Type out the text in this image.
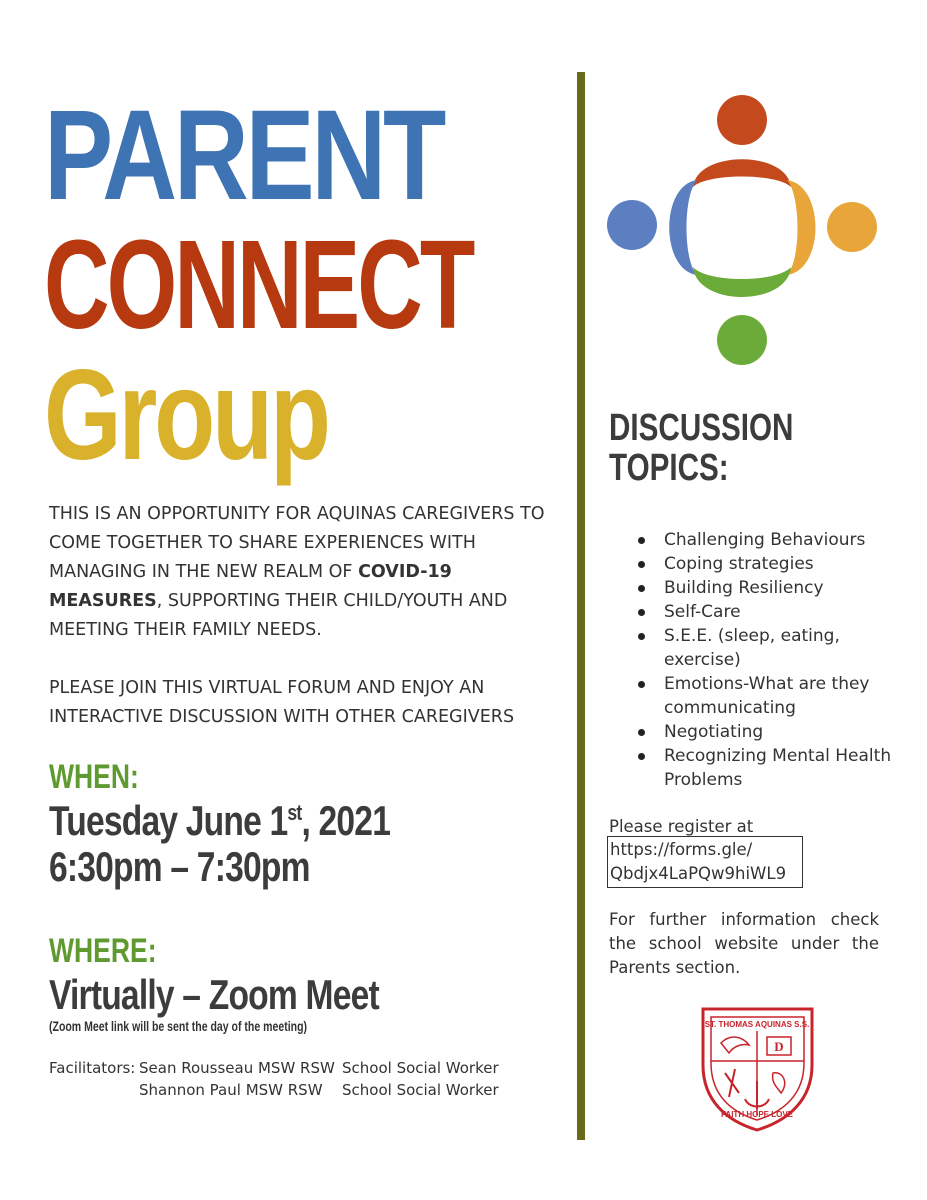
PARENT
CONNECT
Group
THIS IS AN OPPORTUNITY FOR AQUINAS CAREGIVERS TO COME TOGETHER TO SHARE EXPERIENCES WITH MANAGING IN THE NEW REALM OF COVID-19 MEASURES, SUPPORTING THEIR CHILD/YOUTH AND MEETING THEIR FAMILY NEEDS.
PLEASE JOIN THIS VIRTUAL FORUM AND ENJOY AN INTERACTIVE DISCUSSION WITH OTHER CAREGIVERS
WHEN:
Tuesday June 1st, 2021
6:30pm – 7:30pm
WHERE:
Virtually – Zoom Meet
(Zoom Meet link will be sent the day of the meeting)
Facilitators: Sean Rousseau MSW RSW School Social Worker
Shannon Paul MSW RSW School Social Worker
DISCUSSION
TOPICS:
Challenging Behaviours
Coping strategies
Building Resiliency
Self-Care
S.E.E. (sleep, eating, exercise)
Emotions-What are they communicating
Negotiating
Recognizing Mental Health Problems
Please register at
https://forms.gle/
Qbdjx4LaPQw9hiWL9
For further information check the school website under the Parents section.
ST. THOMAS AQUINAS S.S.
D
FAITH HOPE LOVE
